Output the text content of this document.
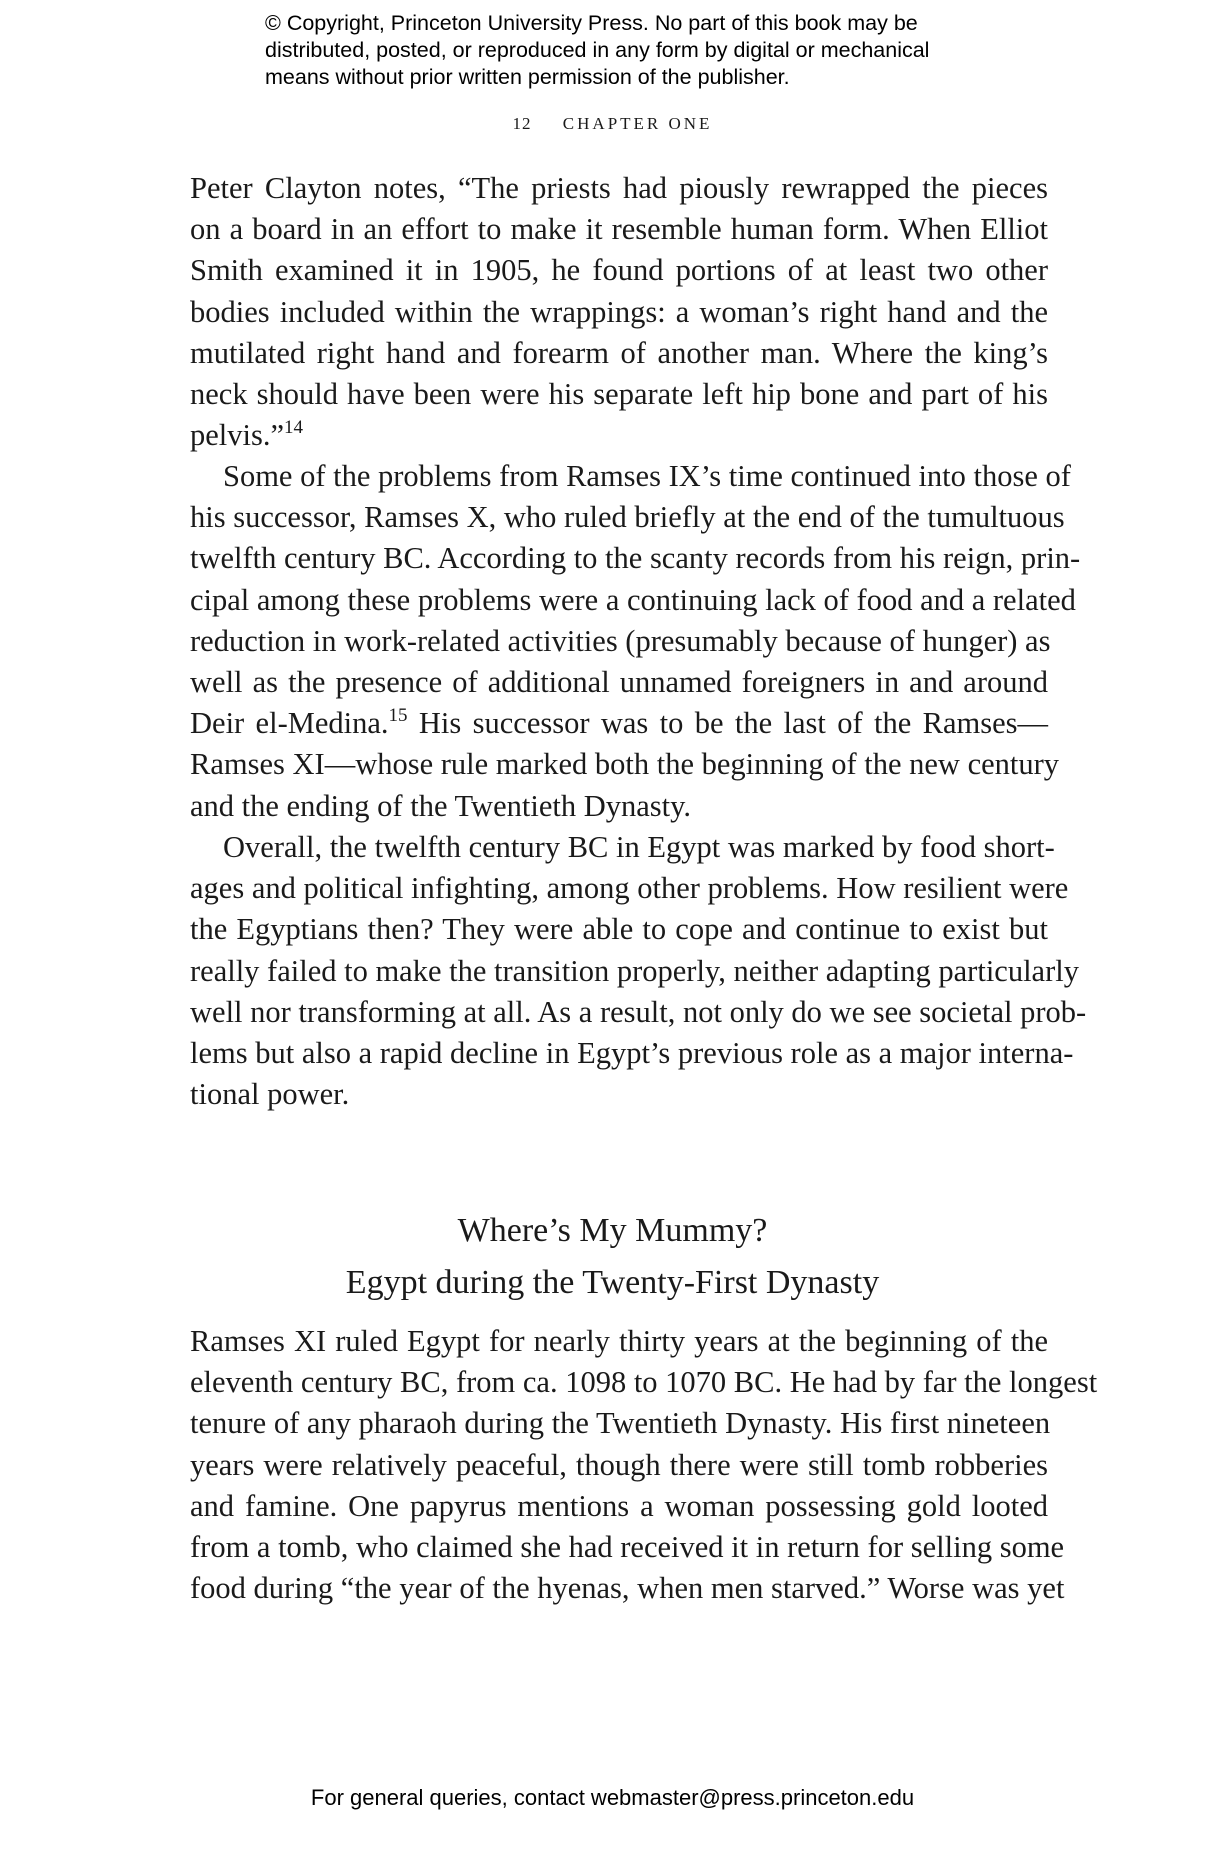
© Copyright, Princeton University Press. No part of this book may be
distributed, posted, or reproduced in any form by digital or mechanical
means without prior written permission of the publisher.
12 CHAPTER ONE
Peter Clayton notes, “The priests had piously rewrapped the pieces
on a board in an effort to make it resemble human form. When Elliot
Smith examined it in 1905, he found portions of at least two other
bodies included within the wrappings: a woman’s right hand and the
mutilated right hand and forearm of another man. Where the king’s
neck should have been were his separate left hip bone and part of his
pelvis.”$^{14}$
Some of the problems from Ramses IX’s time continued into those of
his successor, Ramses X, who ruled briefly at the end of the tumultuous
twelfth century BC. According to the scanty records from his reign, prin-
cipal among these problems were a continuing lack of food and a related
reduction in work-related activities (presumably because of hunger) as
well as the presence of additional unnamed foreigners in and around
Deir el-Medina.$^{15}$ His successor was to be the last of the Ramses—
Ramses XI—whose rule marked both the beginning of the new century
and the ending of the Twentieth Dynasty.
Overall, the twelfth century BC in Egypt was marked by food short-
ages and political infighting, among other problems. How resilient were
the Egyptians then? They were able to cope and continue to exist but
really failed to make the transition properly, neither adapting particularly
well nor transforming at all. As a result, not only do we see societal prob-
lems but also a rapid decline in Egypt’s previous role as a major interna-
tional power.
Where’s My Mummy?
Egypt during the Twenty-First Dynasty
Ramses XI ruled Egypt for nearly thirty years at the beginning of the
eleventh century BC, from ca. 1098 to 1070 BC. He had by far the longest
tenure of any pharaoh during the Twentieth Dynasty. His first nineteen
years were relatively peaceful, though there were still tomb robberies
and famine. One papyrus mentions a woman possessing gold looted
from a tomb, who claimed she had received it in return for selling some
food during “the year of the hyenas, when men starved.” Worse was yet
For general queries, contact webmaster@press.princeton.edu
